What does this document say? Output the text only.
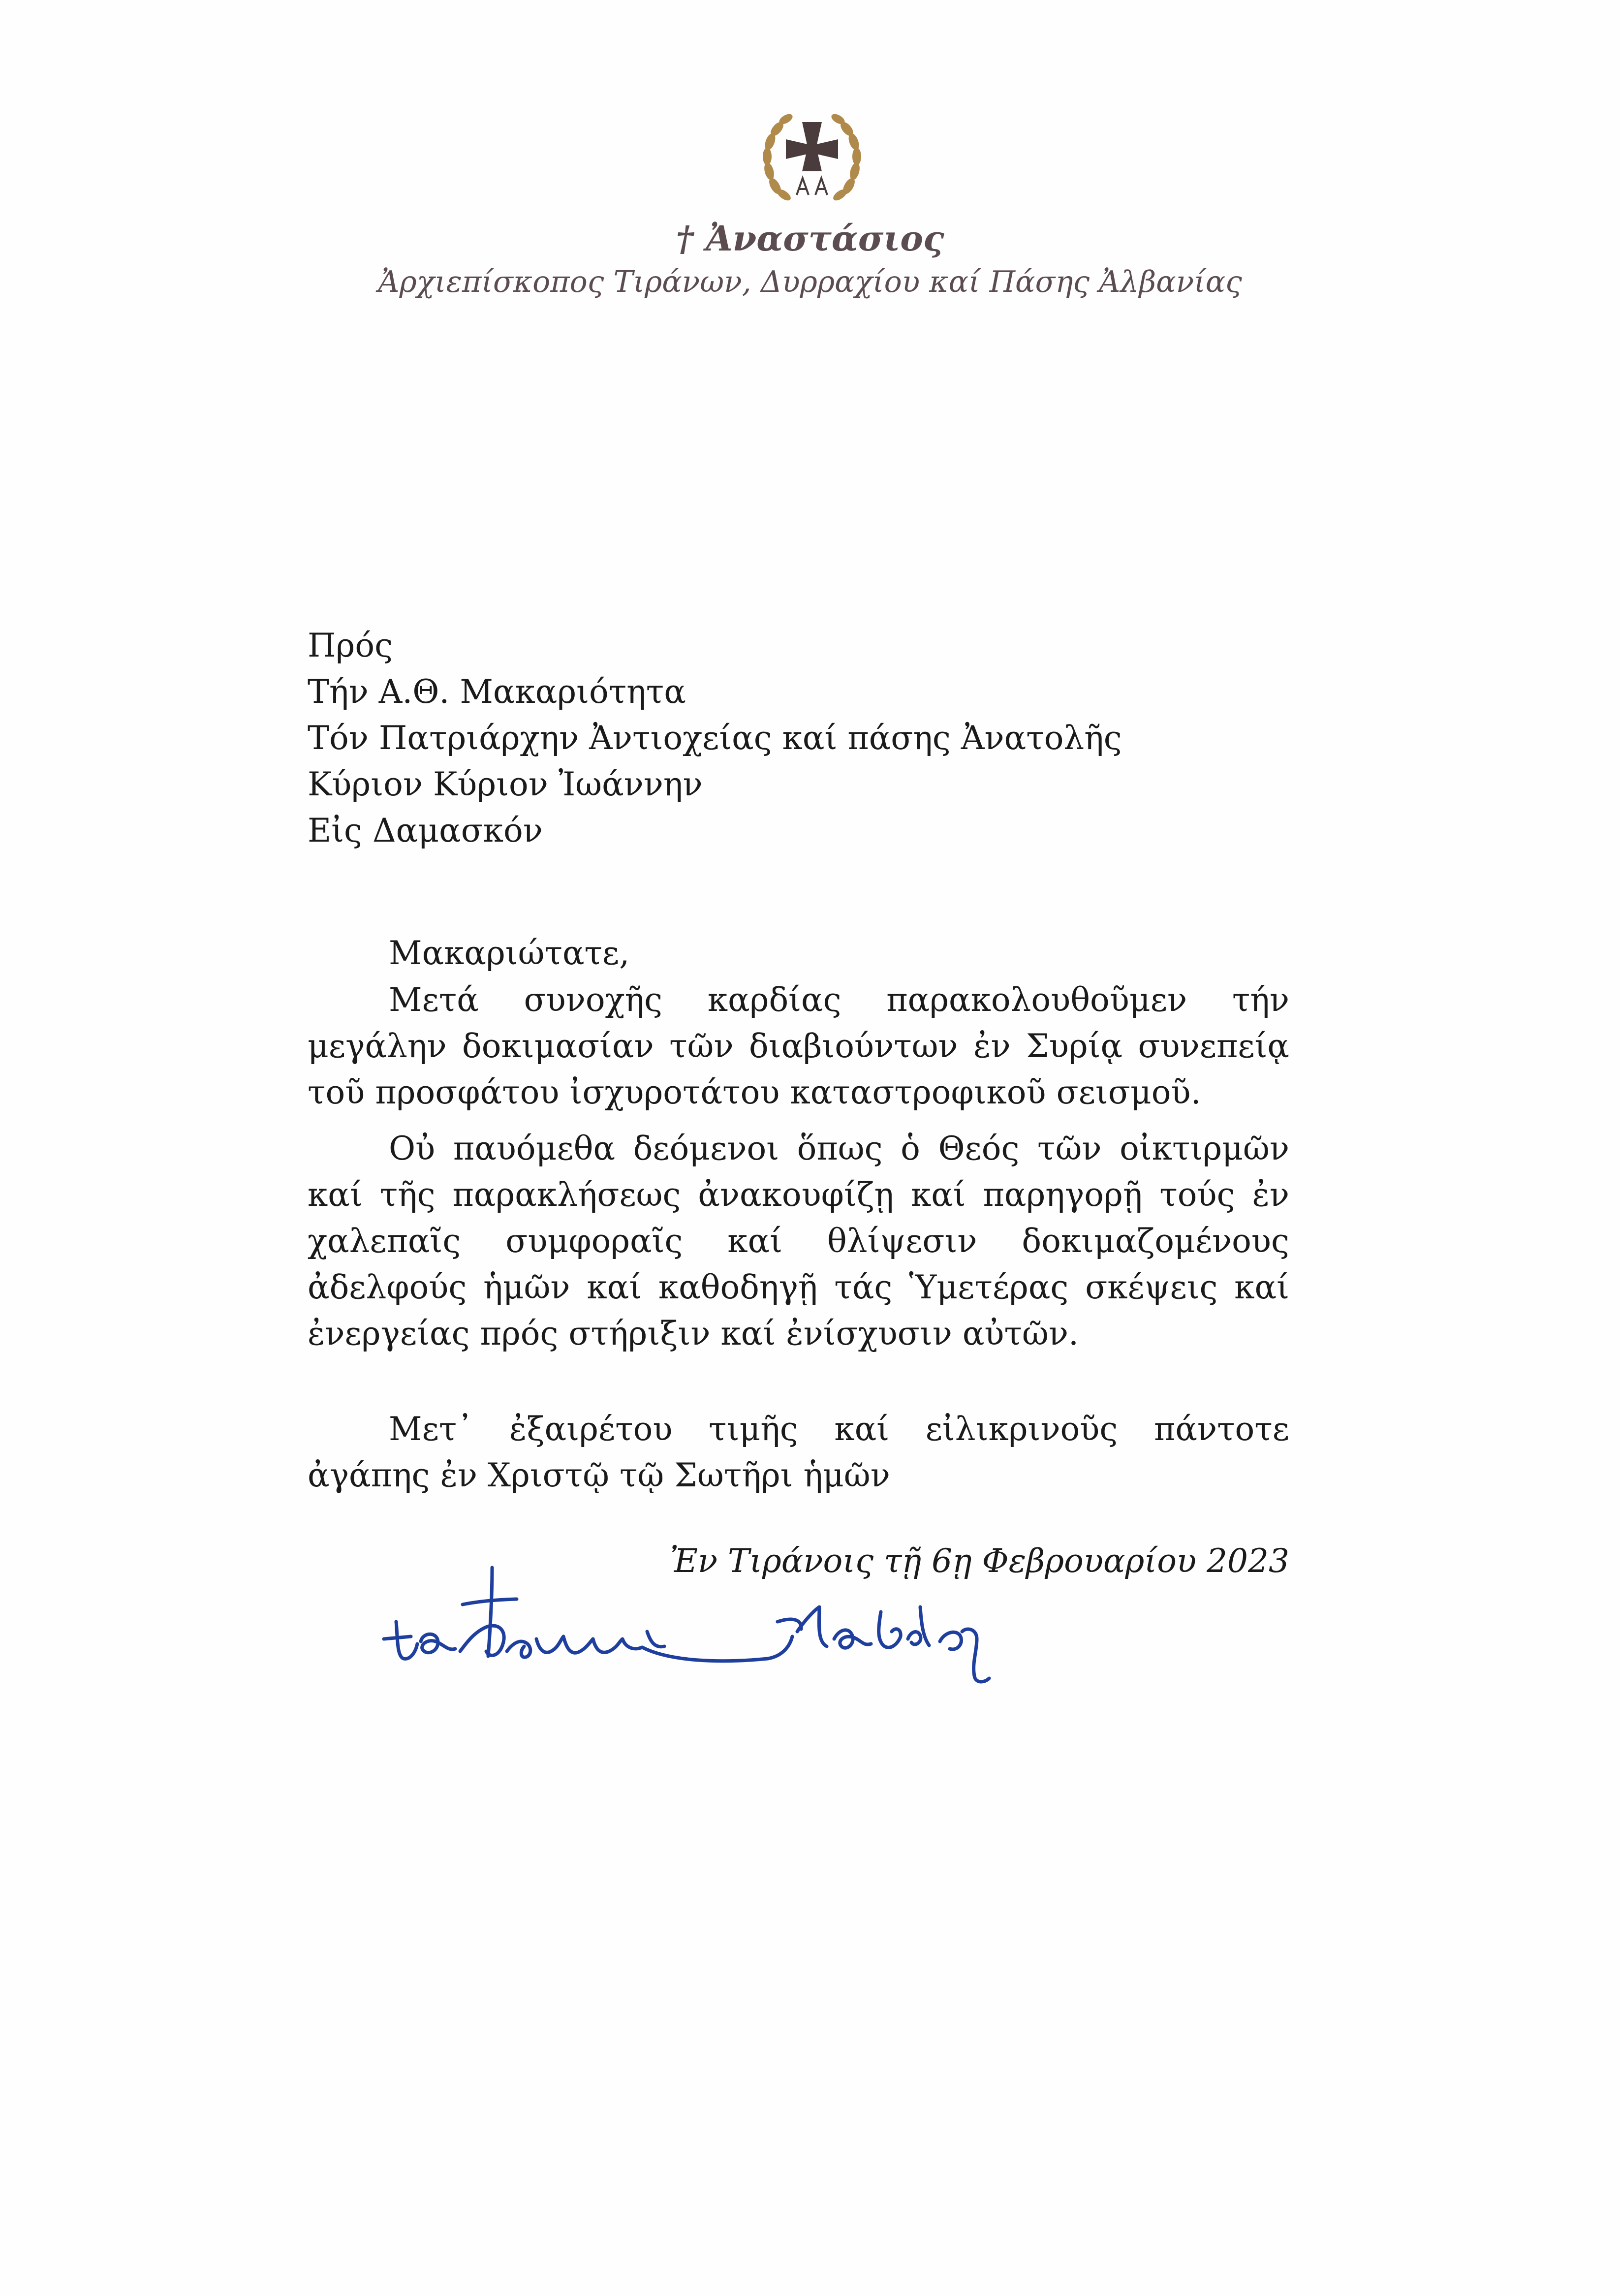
† Ἀναστάσιος
Ἀρχιεπίσκοπος Τιράνων, Δυρραχίου καί Πάσης Ἀλβανίας
Πρός
Τήν Α.Θ. Μακαριότητα
Τόν Πατριάρχην Ἀντιοχείας καί πάσης Ἀνατολῆς
Κύριον Κύριον Ἰωάννην
Εἰς Δαμασκόν
Μακαριώτατε,
Μετά συνοχῆς καρδίας παρακολουθοῦμεν τήν μεγάλην δοκιμασίαν τῶν διαβιούντων ἐν Συρίᾳ συνεπείᾳ τοῦ προσφάτου ἰσχυροτάτου καταστροφικοῦ σεισμοῦ.
Οὐ παυόμεθα δεόμενοι ὅπως ὁ Θεός τῶν οἰκτιρμῶν καί τῆς παρακλήσεως ἀνακουφίζῃ καί παρηγορῇ τούς ἐν χαλεπαῖς συμφοραῖς καί θλίψεσιν δοκιμαζομένους ἀδελφούς ἡμῶν καί καθοδηγῇ τάς Ὑμετέρας σκέψεις καί ἐνεργείας πρός στήριξιν καί ἐνίσχυσιν αὐτῶν.
Μετ᾿ ἐξαιρέτου τιμῆς καί εἰλικρινοῦς πάντοτε ἀγάπης ἐν Χριστῷ τῷ Σωτῆρι ἡμῶν
Ἐν Τιράνοις τῇ 6ῃ Φεβρουαρίου 2023
